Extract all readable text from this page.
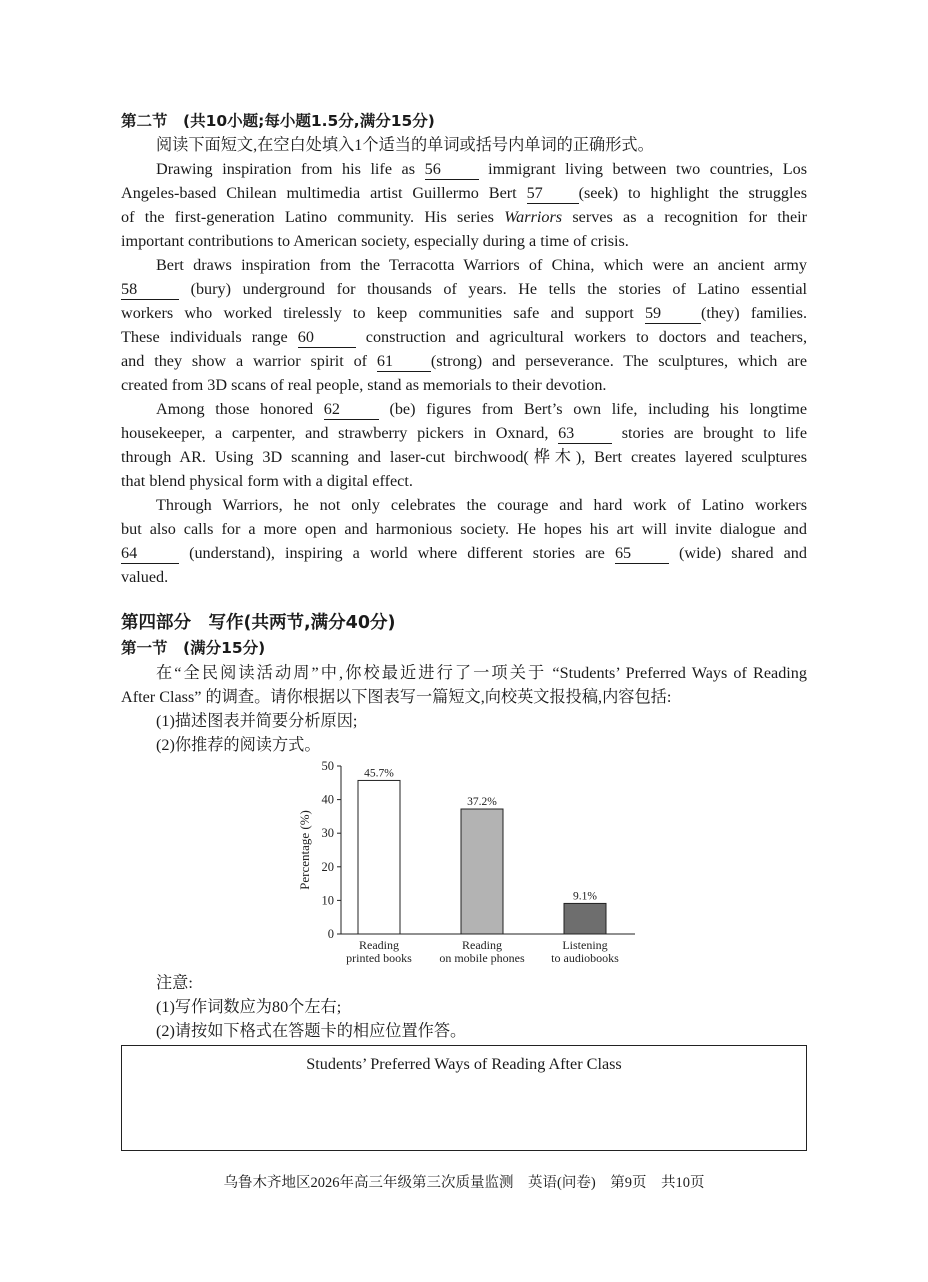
第二节　(共10小题;每小题1.5分,满分15分)
阅读下面短文,在空白处填入1个适当的单词或括号内单词的正确形式。
Drawing inspiration from his life as 56	immigrant living between two countries, Los
Angeles-based Chilean multimedia artist Guillermo Bert 57 (seek) to highlight the struggles
of the first-generation Latino community. His series Warriors serves as a recognition for their
important contributions to American society, especially during a time of crisis.
Bert draws inspiration from the Terracotta Warriors of China, which were an ancient army
58	(bury) underground for thousands of years. He tells the stories of Latino essential
workers who worked tirelessly to keep communities safe and support 59 (they) families.
These individuals range 60	construction and agricultural workers to doctors and teachers,
and they show a warrior spirit of 61 (strong) and perseverance. The sculptures, which are
created from 3D scans of real people, stand as memorials to their devotion.
Among those honored 62	(be) figures from Bert’s own life, including his longtime
housekeeper, a carpenter, and strawberry pickers in Oxnard, 63	stories are brought to life
through AR. Using 3D scanning and laser-cut birchwood(桦木), Bert creates layered sculptures
that blend physical form with a digital effect.
Through Warriors, he not only celebrates the courage and hard work of Latino workers
but also calls for a more open and harmonious society. He hopes his art will invite dialogue and
64	(understand), inspiring a world where different stories are 65	(wide) shared and
valued.
第四部分　写作(共两节,满分40分)
第一节　(满分15分)
在“全民阅读活动周”中,你校最近进行了一项关于 “Students’ Preferred Ways of Reading
After Class” 的调查。请你根据以下图表写一篇短文,向校英文报投稿,内容包括:
(1)描述图表并简要分析原因;
(2)你推荐的阅读方式。
0
10
20
30
40
50
Percentage (%)
45.7%
Reading
printed books
37.2%
Reading
on mobile phones
9.1%
Listening
to audiobooks
注意:
(1)写作词数应为80个左右;
(2)请按如下格式在答题卡的相应位置作答。
Students’ Preferred Ways of Reading After Class
乌鲁木齐地区2026年高三年级第三次质量监测　英语(问卷)　第9页　共10页
